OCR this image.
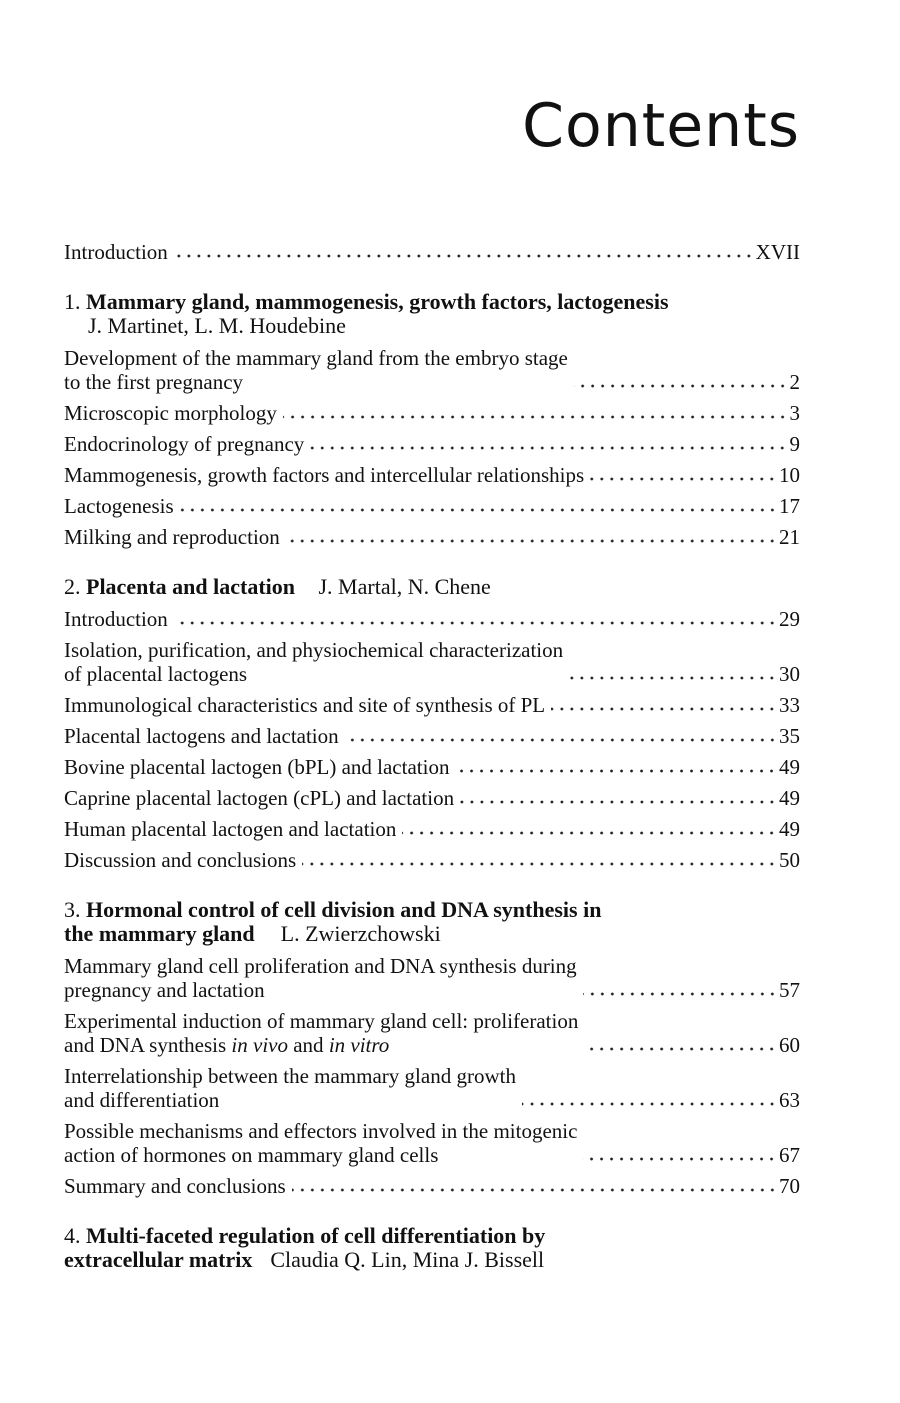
Contents
Introduction	XVII
1. Mammary gland, mammogenesis, growth factors, lactogenesis
J. Martinet, L. M. Houdebine
Development of the mammary gland from the embryo stage
to the first pregnancy	2
Microscopic morphology	3
Endocrinology of pregnancy	9
Mammogenesis, growth factors and intercellular relationships	10
Lactogenesis	17
Milking and reproduction	21
2. Placenta and lactation J. Martal, N. Chene
Introduction	29
Isolation, purification, and physiochemical characterization
of placental lactogens	30
Immunological characteristics and site of synthesis of PL	33
Placental lactogens and lactation	35
Bovine placental lactogen (bPL) and lactation	49
Caprine placental lactogen (cPL) and lactation	49
Human placental lactogen and lactation	49
Discussion and conclusions	50
3. Hormonal control of cell division and DNA synthesis in
the mammary gland L. Zwierzchowski
Mammary gland cell proliferation and DNA synthesis during
pregnancy and lactation	57
Experimental induction of mammary gland cell: proliferation
and DNA synthesis in vivo and in vitro	60
Interrelationship between the mammary gland growth
and differentiation	63
Possible mechanisms and effectors involved in the mitogenic
action of hormones on mammary gland cells	67
Summary and conclusions	70
4. Multi-faceted regulation of cell differentiation by
extracellular matrix Claudia Q. Lin, Mina J. Bissell
